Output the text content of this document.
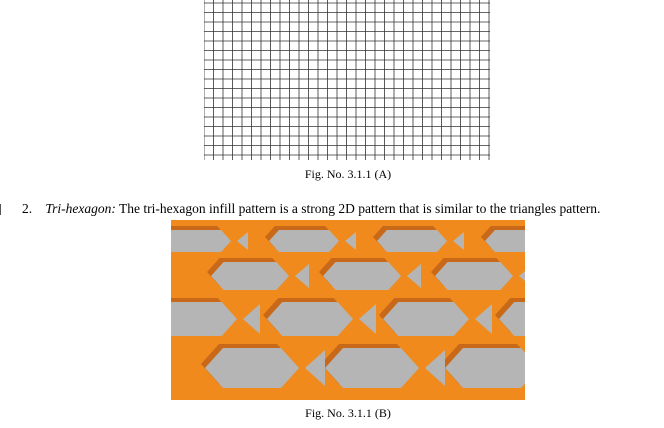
Fig. No. 3.1.1 (A)
2. Tri-hexagon: The tri-hexagon infill pattern is a strong 2D pattern that is similar to the triangles pattern.
Fig. No. 3.1.1 (B)
